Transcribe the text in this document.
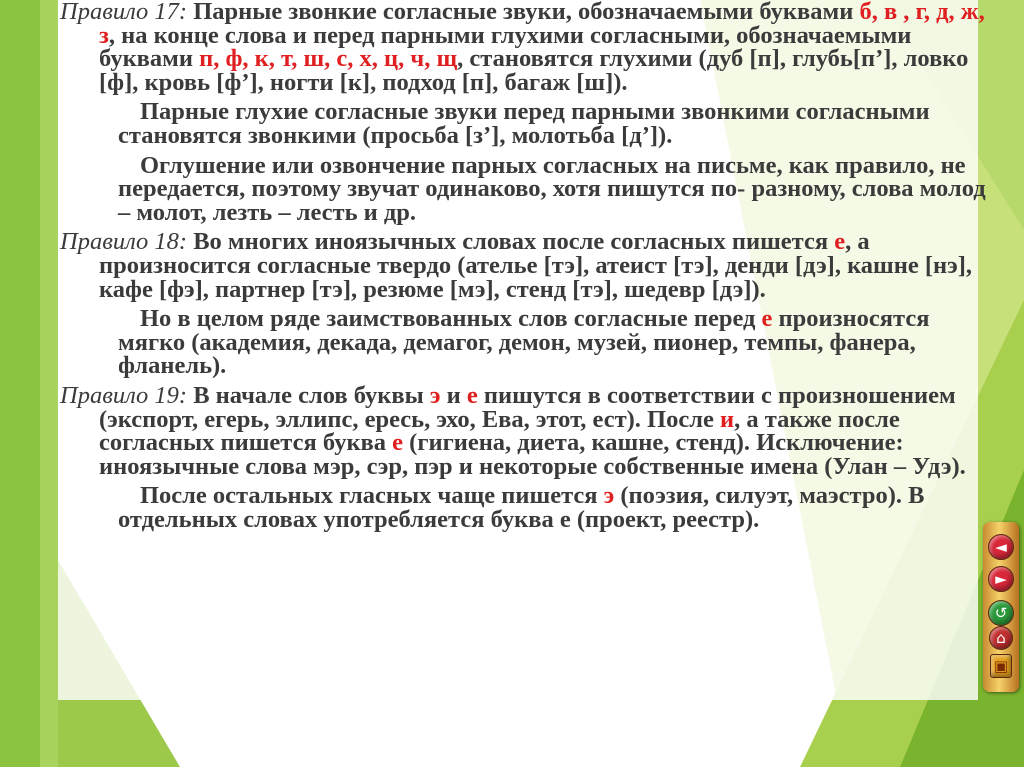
Правило 17: Парные звонкие согласные звуки, обозначаемыми буквами б, в , г, д, ж, з, на конце слова и перед парными глухими согласными, обозначаемыми буквами п, ф, к, т, ш, с, х, ц, ч, щ, становятся глухими (дуб [п], глубь[п’], ловко [ф], кровь [ф’], ногти [к], подход [п], багаж [ш]).

Парные глухие согласные звуки перед парными звонкими согласными становятся звонкими (просьба [з’], молотьба [д’]).

Оглушение или озвончение парных согласных на письме, как правило, не передается, поэтому звучат одинаково, хотя пишутся по- разному, слова молод – молот, лезть – лесть и др.

Правило 18: Во многих иноязычных словах после согласных пишется е, а произносится согласные твердо (ателье [тэ], атеист [тэ], денди [дэ], кашне [нэ], кафе [фэ], партнер [тэ], резюме [мэ], стенд [тэ], шедевр [дэ]).

Но в целом ряде заимствованных слов согласные перед е произносятся мягко (академия, декада, демагог, демон, музей, пионер, темпы, фанера, фланель).

Правило 19: В начале слов буквы э и е пишутся в соответствии с произношением (экспорт, егерь, эллипс, ересь, эхо, Ева, этот, ест). После и, а также после согласных пишется буква е (гигиена, диета, кашне, стенд). Исключение: иноязычные слова мэр, сэр, пэр и некоторые собственные имена (Улан – Удэ).

После остальных гласных чаще пишется э (поэзия, силуэт, маэстро). В отдельных словах употребляется буква е (проект, реестр).

◄
►
↺
⌂
▣
